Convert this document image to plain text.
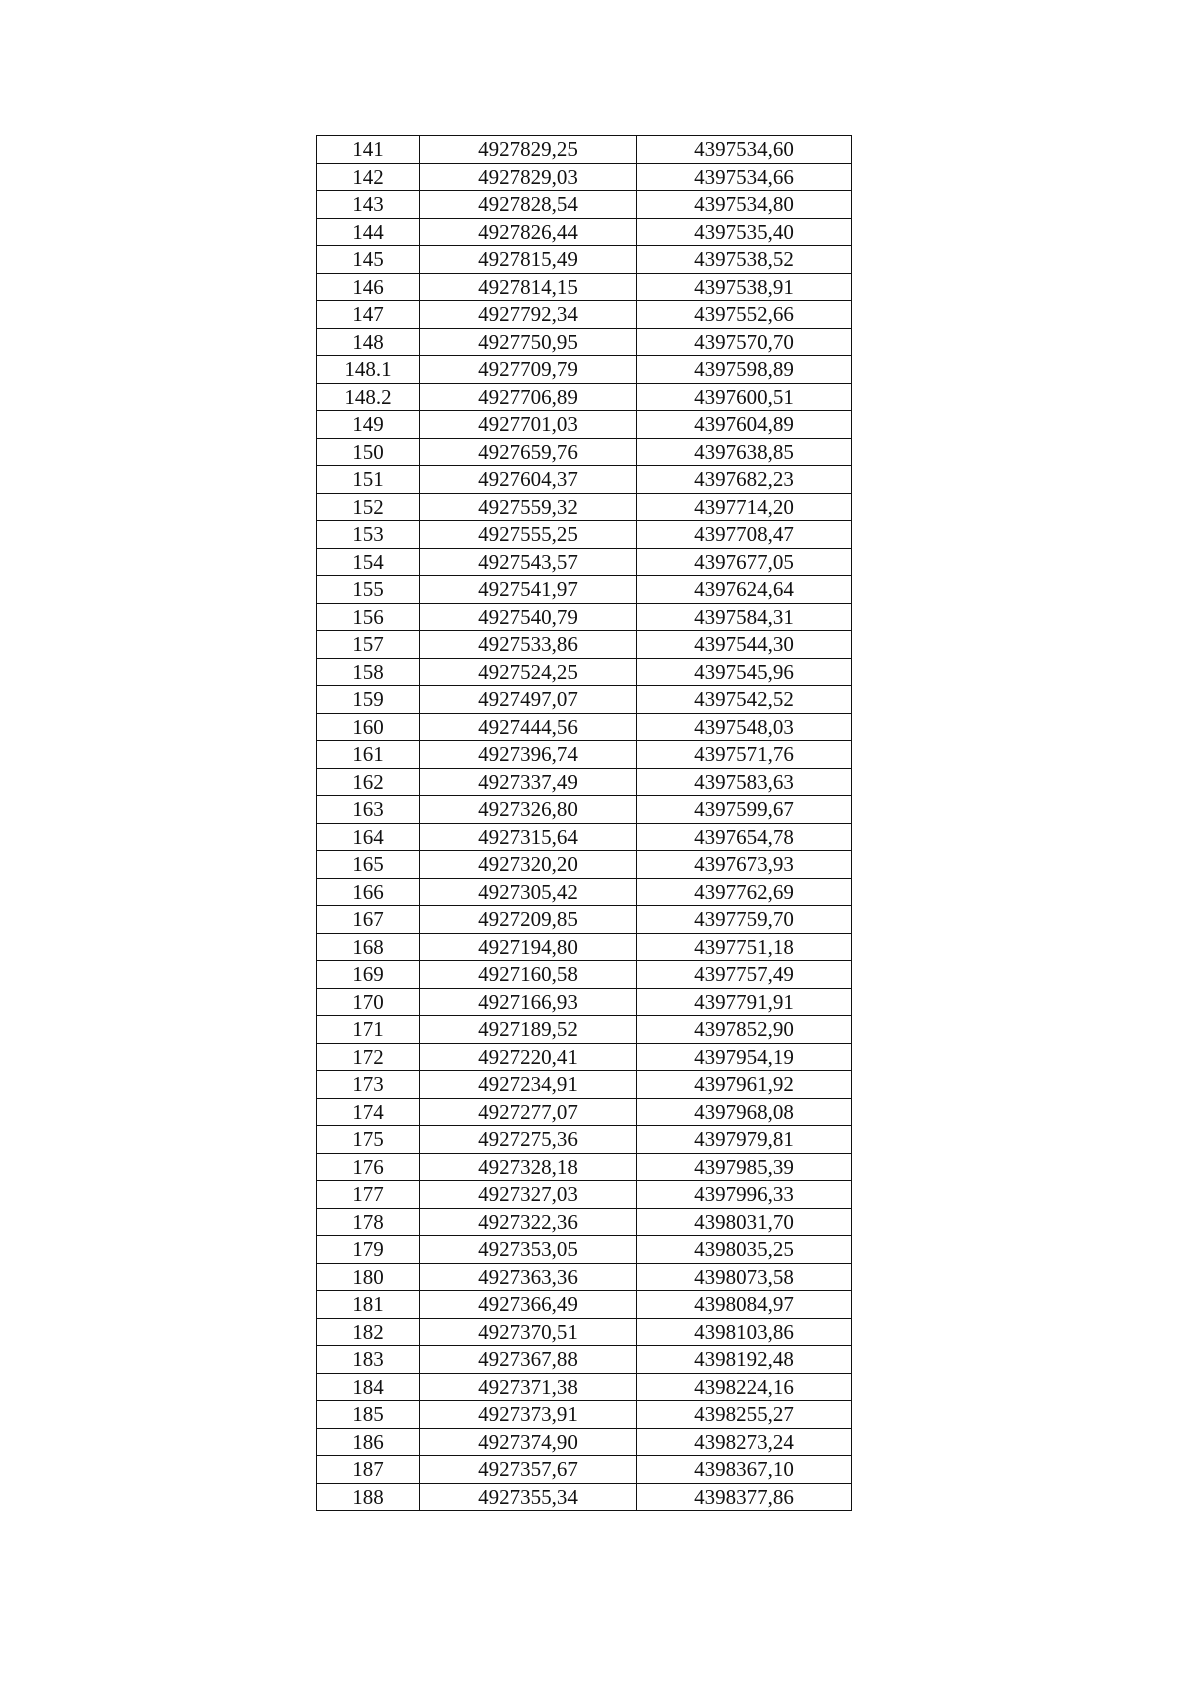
141	4927829,25	4397534,60
142	4927829,03	4397534,66
143	4927828,54	4397534,80
144	4927826,44	4397535,40
145	4927815,49	4397538,52
146	4927814,15	4397538,91
147	4927792,34	4397552,66
148	4927750,95	4397570,70
148.1	4927709,79	4397598,89
148.2	4927706,89	4397600,51
149	4927701,03	4397604,89
150	4927659,76	4397638,85
151	4927604,37	4397682,23
152	4927559,32	4397714,20
153	4927555,25	4397708,47
154	4927543,57	4397677,05
155	4927541,97	4397624,64
156	4927540,79	4397584,31
157	4927533,86	4397544,30
158	4927524,25	4397545,96
159	4927497,07	4397542,52
160	4927444,56	4397548,03
161	4927396,74	4397571,76
162	4927337,49	4397583,63
163	4927326,80	4397599,67
164	4927315,64	4397654,78
165	4927320,20	4397673,93
166	4927305,42	4397762,69
167	4927209,85	4397759,70
168	4927194,80	4397751,18
169	4927160,58	4397757,49
170	4927166,93	4397791,91
171	4927189,52	4397852,90
172	4927220,41	4397954,19
173	4927234,91	4397961,92
174	4927277,07	4397968,08
175	4927275,36	4397979,81
176	4927328,18	4397985,39
177	4927327,03	4397996,33
178	4927322,36	4398031,70
179	4927353,05	4398035,25
180	4927363,36	4398073,58
181	4927366,49	4398084,97
182	4927370,51	4398103,86
183	4927367,88	4398192,48
184	4927371,38	4398224,16
185	4927373,91	4398255,27
186	4927374,90	4398273,24
187	4927357,67	4398367,10
188	4927355,34	4398377,86
